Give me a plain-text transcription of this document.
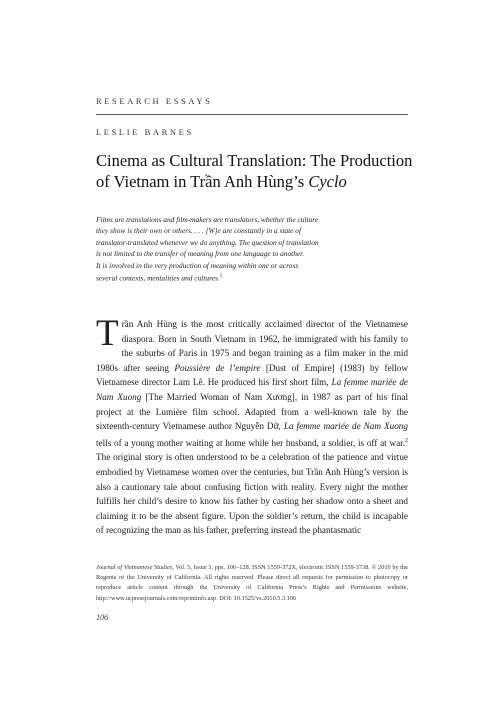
RESEARCH ESSAYS
LESLIE BARNES
Cinema as Cultural Translation: The Production
of Vietnam in Trần Anh Hùng’s Cyclo
Films are translations and film-makers are translators, whether the culture
they show is their own or others. . . . [W]e are constantly in a state of
translator-translated whenever we do anything. The question of translation
is not limited to the transfer of meaning from one language to another.
It is involved in the very production of meaning within one or across
several contexts, mentalities and cultures.$^1$

Trần Anh Hùng is the most critically acclaimed director of the Vietnamese diaspora. Born in South Vietnam in 1962, he immigrated with his family to the suburbs of Paris in 1975 and began training as a film maker in the mid 1980s after seeing Poussière de l’empire [Dust of Empire] (1983) by fellow Vietnamese director Lam Lê. He produced his first short film, La femme mariée de Nam Xuong [The Married Woman of Nam Xương], in 1987 as part of his final project at the Lumière film school. Adapted from a well-known tale by the sixteenth-century Vietnamese author Nguyễn Dữ, La femme mariée de Nam Xuong tells of a young mother waiting at home while her husband, a soldier, is off at war.$^2$ The original story is often understood to be a celebration of the patience and virtue embodied by Vietnamese women over the centuries, but Trần Anh Hùng’s version is also a cautionary tale about confusing fiction with reality. Every night the mother fulfills her child’s desire to know his father by casting her shadow onto a sheet and claiming it to be the absent figure. Upon the soldier’s return, the child is incapable of recognizing the man as his father, preferring instead the phantasmatic

Journal of Vietnamese Studies, Vol. 5, Issue 3, pps. 106–128. ISSN 1559-372X, electronic ISSN 1559-3738. © 2010 by the Regents of the University of California. All rights reserved. Please direct all requests for permission to photocopy or reproduce article content through the University of California Press’s Rights and Permissions website, http://www.ucpressjournals.com/reprintinfo.asp. DOI: 10.1525/vs.2010.5.3.106
106
